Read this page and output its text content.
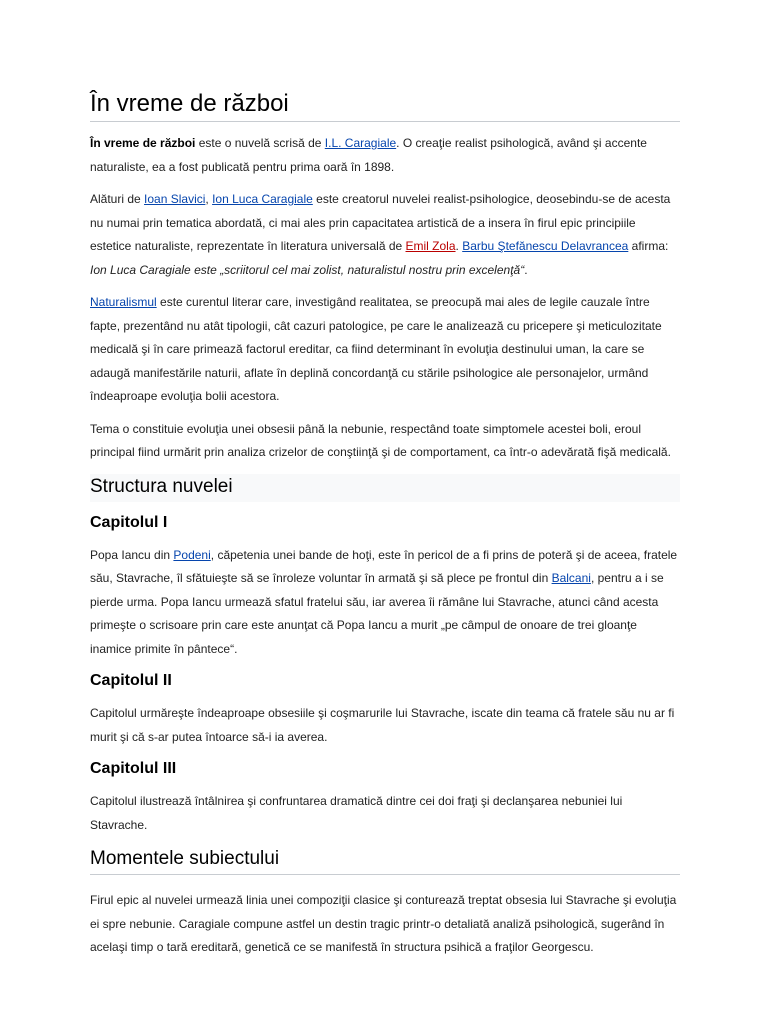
În vreme de război

În vreme de război este o nuvelă scrisă de I.L. Caragiale. O creaţie realist psihologică, având şi accente naturaliste, ea a fost publicată pentru prima oară în 1898.

Alături de Ioan Slavici, Ion Luca Caragiale este creatorul nuvelei realist-psihologice, deosebindu-se de acesta nu numai prin tematica abordată, ci mai ales prin capacitatea artistică de a insera în firul epic principiile estetice naturaliste, reprezentate în literatura universală de Emil Zola. Barbu Ştefănescu Delavrancea afirma: Ion Luca Caragiale este „scriitorul cel mai zolist, naturalistul nostru prin excelenţă“.

Naturalismul este curentul literar care, investigând realitatea, se preocupă mai ales de legile cauzale între fapte, prezentând nu atât tipologii, cât cazuri patologice, pe care le analizează cu pricepere şi meticulozitate medicală şi în care primează factorul ereditar, ca fiind determinant în evoluţia destinului uman, la care se adaugă manifestările naturii, aflate în deplină concordanţă cu stările psihologice ale personajelor, urmând îndeaproape evoluţia bolii acestora.

Tema o constituie evoluţia unei obsesii până la nebunie, respectând toate simptomele acestei boli, eroul principal fiind urmărit prin analiza crizelor de conştiinţă şi de comportament, ca într-o adevărată fişă medicală.

Structura nuvelei
Capitolul I

Popa Iancu din Podeni, căpetenia unei bande de hoţi, este în pericol de a fi prins de poteră şi de aceea, fratele său, Stavrache, îl sfătuieşte să se înroleze voluntar în armată şi să plece pe frontul din Balcani, pentru a i se pierde urma. Popa Iancu urmează sfatul fratelui său, iar averea îi rămâne lui Stavrache, atunci când acesta primeşte o scrisoare prin care este anunţat că Popa Iancu a murit „pe câmpul de onoare de trei gloanţe inamice primite în pântece“.

Capitolul II

Capitolul urmăreşte îndeaproape obsesiile şi coşmarurile lui Stavrache, iscate din teama că fratele său nu ar fi murit şi că s-ar putea întoarce să-i ia averea.

Capitolul III

Capitolul ilustrează întâlnirea şi confruntarea dramatică dintre cei doi fraţi şi declanşarea nebuniei lui Stavrache.

Momentele subiectului

Firul epic al nuvelei urmează linia unei compoziţii clasice şi conturează treptat obsesia lui Stavrache şi evoluţia ei spre nebunie. Caragiale compune astfel un destin tragic printr-o detaliată analiză psihologică, sugerând în acelaşi timp o tară ereditară, genetică ce se manifestă în structura psihică a fraţilor Georgescu.
